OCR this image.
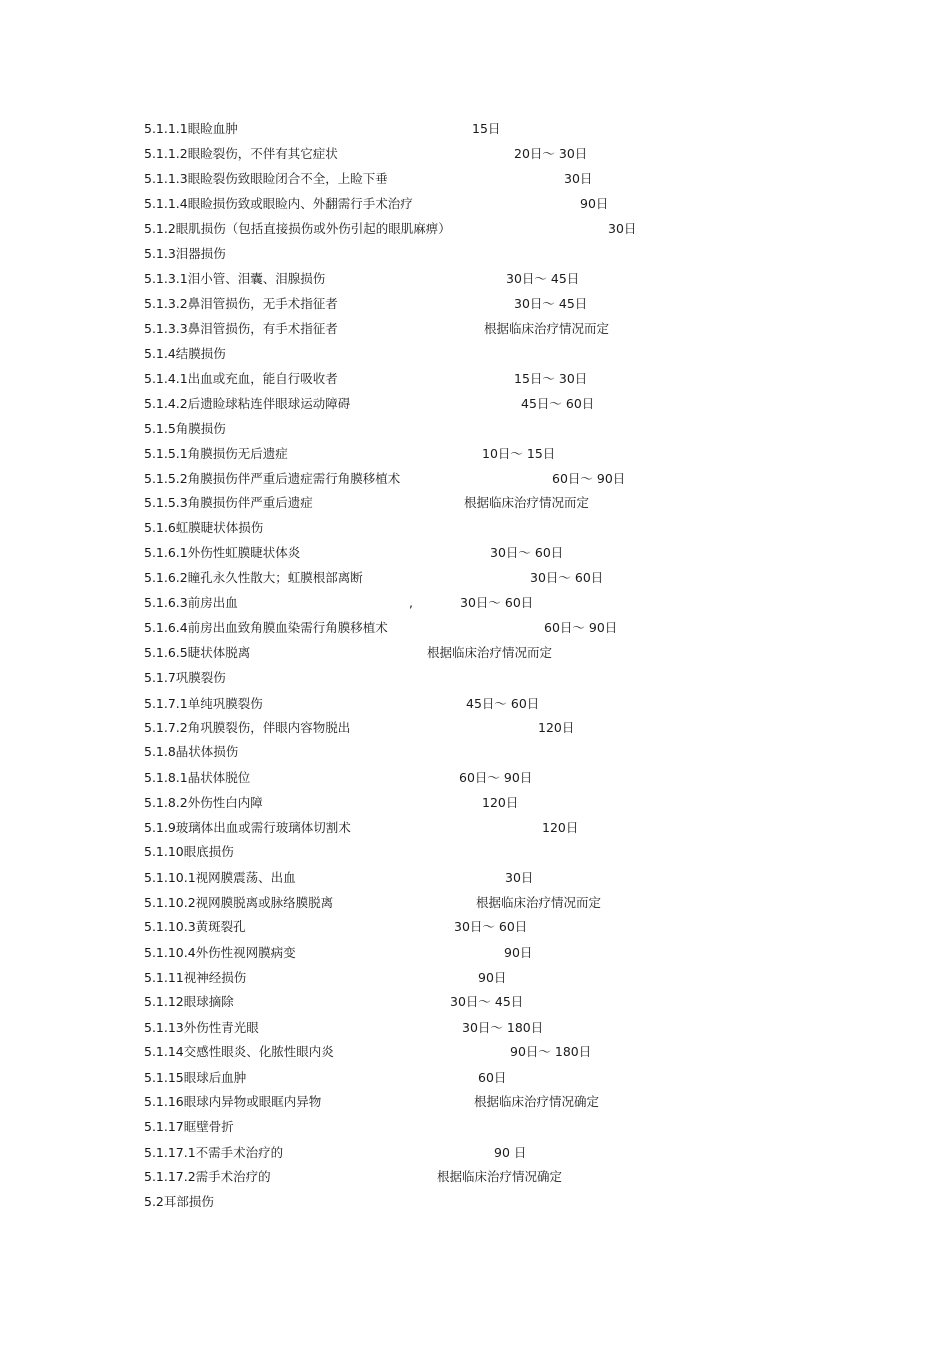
5.1.1.1眼睑血肿	15日
5.1.1.2眼睑裂伤，不伴有其它症状	20日～ 30日
5.1.1.3眼睑裂伤致眼睑闭合不全，上睑下垂	30日
5.1.1.4眼睑损伤致或眼睑内、外翻需行手术治疗	90日
5.1.2眼肌损伤（包括直接损伤或外伤引起的眼肌麻痹）	30日
5.1.3泪器损伤
5.1.3.1泪小管、泪囊、泪腺损伤	30日～ 45日
5.1.3.2鼻泪管损伤，无手术指征者	30日～ 45日
5.1.3.3鼻泪管损伤，有手术指征者	根据临床治疗情况而定
5.1.4结膜损伤
5.1.4.1出血或充血，能自行吸收者	15日～ 30日
5.1.4.2后遗睑球粘连伴眼球运动障碍	45日～ 60日
5.1.5角膜损伤
5.1.5.1角膜损伤无后遗症	10日～ 15日
5.1.5.2角膜损伤伴严重后遗症需行角膜移植术	60日～ 90日
5.1.5.3角膜损伤伴严重后遗症	根据临床治疗情况而定
5.1.6虹膜睫状体损伤
5.1.6.1外伤性虹膜睫状体炎	30日～ 60日
5.1.6.2瞳孔永久性散大；虹膜根部离断	30日～ 60日
5.1.6.3前房出血	,	30日～ 60日
5.1.6.4前房出血致角膜血染需行角膜移植术	60日～ 90日
5.1.6.5睫状体脱离	根据临床治疗情况而定
5.1.7巩膜裂伤
5.1.7.1单纯巩膜裂伤	45日～ 60日
5.1.7.2角巩膜裂伤，伴眼内容物脱出	120日
5.1.8晶状体损伤
5.1.8.1晶状体脱位	60日～ 90日
5.1.8.2外伤性白内障	120日
5.1.9玻璃体出血或需行玻璃体切割术	120日
5.1.10眼底损伤
5.1.10.1视网膜震荡、出血	30日
5.1.10.2视网膜脱离或脉络膜脱离	根据临床治疗情况而定
5.1.10.3黄斑裂孔	30日～ 60日
5.1.10.4外伤性视网膜病变	90日
5.1.11视神经损伤	90日
5.1.12眼球摘除	30日～ 45日
5.1.13外伤性青光眼	30日～ 180日
5.1.14交感性眼炎、化脓性眼内炎	90日～ 180日
5.1.15眼球后血肿	60日
5.1.16眼球内异物或眼眶内异物	根据临床治疗情况确定
5.1.17眶壁骨折
5.1.17.1不需手术治疗的	90 日
5.1.17.2需手术治疗的	根据临床治疗情况确定
5.2耳部损伤
